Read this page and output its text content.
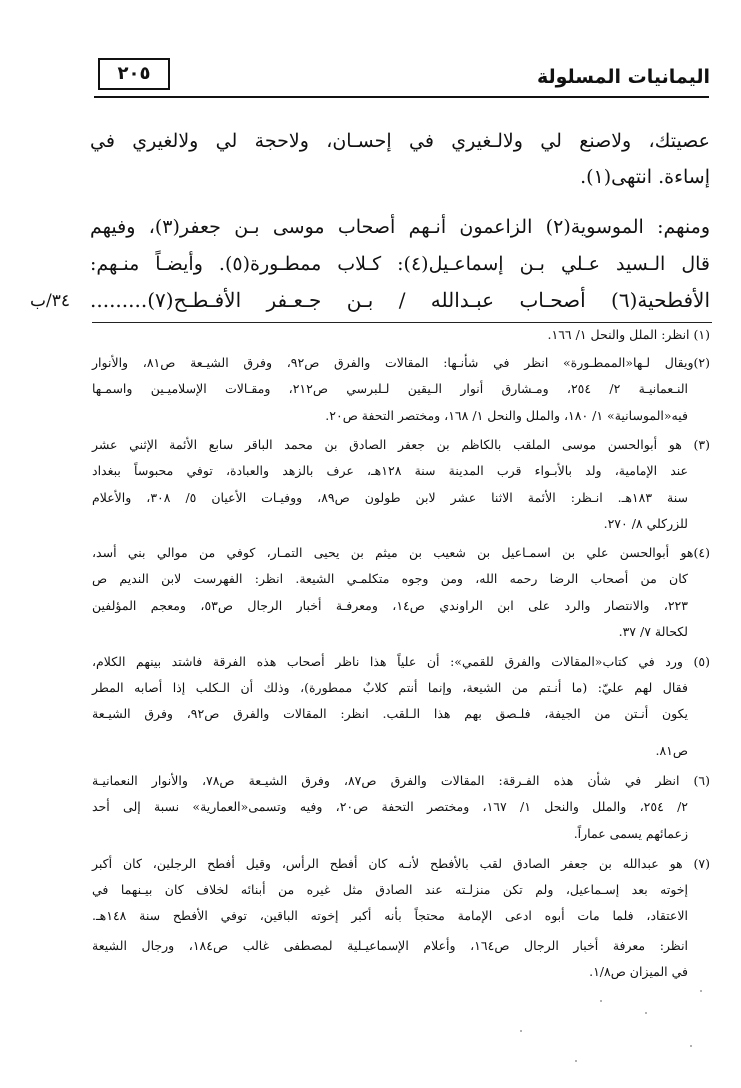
اليمانيات المسلولة
٢٠٥
عصيتك، ولاصنع لي ولالـغيري في إحسـان، ولاحجة لي ولالغيري في
إساءة. انتهى(١).
ومنهم: الموسوية(٢) الزاعمون أنـهم أصحاب موسى بـن جعفر(٣)، وفيهم
قال الـسيد عـلي بـن إسماعـيل(٤): كـلاب ممطـورة(٥). وأيضـاً منـهم:
الأفطحية(٦) أصحـاب عبـدالله / بـن جـعـفر الأفـطـح(٧).........
٣٤/ب
(١) انظر: الملل والنحل ١/ ١٦٦.
(٢)ويقال لـها«الممطـورة» انظر في شأنـها: المقالات والفرق ص٩٢، وفرق الشيـعة ص٨١، والأنوار
النـعمانيـة ٢/ ٢٥٤، ومـشارق أنوار الـيقين لـلبرسي ص٢١٢، ومقـالات الإسلاميـين واسمـها
فيه«الموسانية» ١/ ١٨٠، والملل والنحل ١/ ١٦٨، ومختصر التحفة ص٢٠.
(٣) هو أبوالحسن موسى الملقب بالكاظم بن جعفر الصادق بن محمد الباقر سابع الأئمة الإثني عشر
عند الإمامية، ولد بالأبـواء قرب المدينة سنة ١٢٨هـ، عرف بالزهد والعبادة، توفي محبوساً ببغداد
سنة ١٨٣هـ. انـظر: الأئمة الاثنا عشر لابن طولون ص٨٩، ووفيـات الأعيان ٥/ ٣٠٨، والأعلام
للزركلي ٨/ ٢٧٠.
(٤)هو أبوالحسن علي بن اسمـاعيل بن شعيب بن ميثم بن يحيى التمـار، كوفي من موالي بني أسد،
كان من أصحاب الرضا رحمه الله، ومن وجوه متكلمـي الشيعة. انظر: الفهرست لابن النديم ص
٢٢٣، والانتصار والرد على ابن الراوندي ص١٤، ومعرفـة أخبار الرجال ص٥٣، ومعجم المؤلفين
لكحالة ٧/ ٣٧.
(٥) ورد في كتاب«المقالات والفرق للقمي»: أن علياً هذا ناظر أصحاب هذه الفرقة فاشتد بينهم الكلام،
فقال لهم عليّ: (ما أنـتم من الشيعة، وإنما أنتم كلابٌ ممطورة)، وذلك أن الـكلب إذا أصابه المطر
يكون أنـتن من الجيفة، فلـصق بهم هذا الـلقب. انظر: المقالات والفرق ص٩٢، وفرق الشيـعة
ص٨١.
(٦) انظر في شأن هذه الفـرقة: المقالات والفرق ص٨٧، وفرق الشيـعة ص٧٨، والأنوار النعمانيـة
٢/ ٢٥٤، والملل والنحل ١/ ١٦٧، ومختصر التحفة ص٢٠، وفيه وتسمى«العمارية» نسبة إلى أحد
زعمائهم يسمى عماراً.
(٧) هو عبدالله بن جعفر الصادق لقب بالأفطح لأنـه كان أفطح الرأس، وقيل أفطح الرجلين، كان أكبر
إخوته بعد إسـماعيل، ولم تكن منزلـته عند الصادق مثل غيره من أبنائه لخلاف كان بيـنهما في
الاعتقاد، فلما مات أبوه ادعى الإمامة محتجاً بأنه أكبر إخوته الباقين، توفي الأفطح سنة ١٤٨هـ.
انظر: معرفة أخبار الرجال ص١٦٤، وأعلام الإسماعيـلية لمصطفى غالب ص١٨٤، ورجال الشيعة
في الميزان ص١/٨.
